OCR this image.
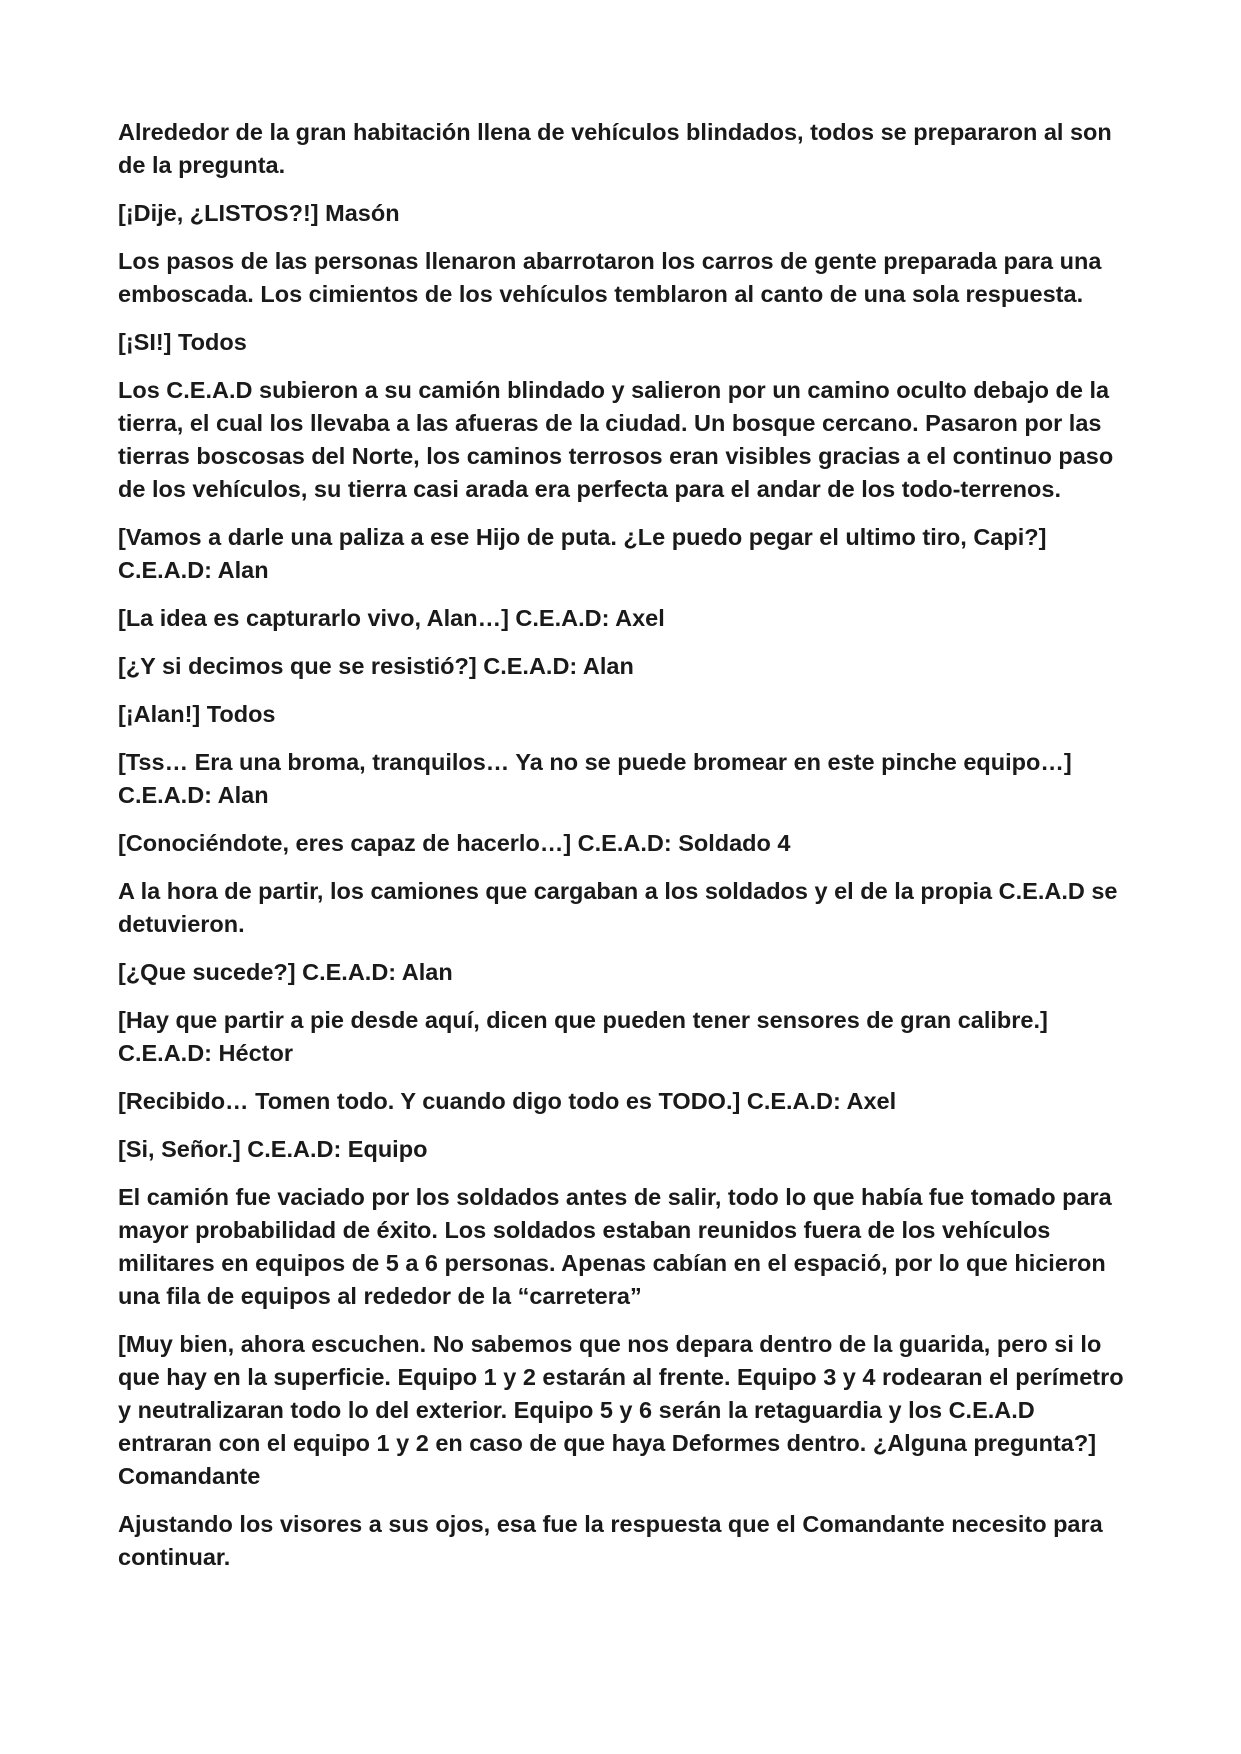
Alrededor de la gran habitación llena de vehículos blindados, todos se prepararon al son de la pregunta.

[¡Dije, ¿LISTOS?!] Masón

Los pasos de las personas llenaron abarrotaron los carros de gente preparada para una emboscada. Los cimientos de los vehículos temblaron al canto de una sola respuesta.

[¡SI!] Todos

Los C.E.A.D subieron a su camión blindado y salieron por un camino oculto debajo de la tierra, el cual los llevaba a las afueras de la ciudad. Un bosque cercano. Pasaron por las tierras boscosas del Norte, los caminos terrosos eran visibles gracias a el continuo paso de los vehículos, su tierra casi arada era perfecta para el andar de los todo-terrenos.

[Vamos a darle una paliza a ese Hijo de puta. ¿Le puedo pegar el ultimo tiro, Capi?] C.E.A.D: Alan

[La idea es capturarlo vivo, Alan…] C.E.A.D: Axel

[¿Y si decimos que se resistió?] C.E.A.D: Alan

[¡Alan!] Todos

[Tss… Era una broma, tranquilos… Ya no se puede bromear en este pinche equipo…] C.E.A.D: Alan

[Conociéndote, eres capaz de hacerlo…] C.E.A.D: Soldado 4

A la hora de partir, los camiones que cargaban a los soldados y el de la propia C.E.A.D se detuvieron.

[¿Que sucede?] C.E.A.D: Alan

[Hay que partir a pie desde aquí, dicen que pueden tener sensores de gran calibre.] C.E.A.D: Héctor

[Recibido… Tomen todo. Y cuando digo todo es TODO.] C.E.A.D: Axel

[Si, Señor.] C.E.A.D: Equipo

El camión fue vaciado por los soldados antes de salir, todo lo que había fue tomado para mayor probabilidad de éxito. Los soldados estaban reunidos fuera de los vehículos militares en equipos de 5 a 6 personas. Apenas cabían en el espació, por lo que hicieron una fila de equipos al rededor de la “carretera”

[Muy bien, ahora escuchen. No sabemos que nos depara dentro de la guarida, pero si lo que hay en la superficie. Equipo 1 y 2 estarán al frente. Equipo 3 y 4 rodearan el perímetro y neutralizaran todo lo del exterior. Equipo 5 y 6 serán la retaguardia y los C.E.A.D entraran con el equipo 1 y 2 en caso de que haya Deformes dentro. ¿Alguna pregunta?] Comandante

Ajustando los visores a sus ojos, esa fue la respuesta que el Comandante necesito para continuar.
